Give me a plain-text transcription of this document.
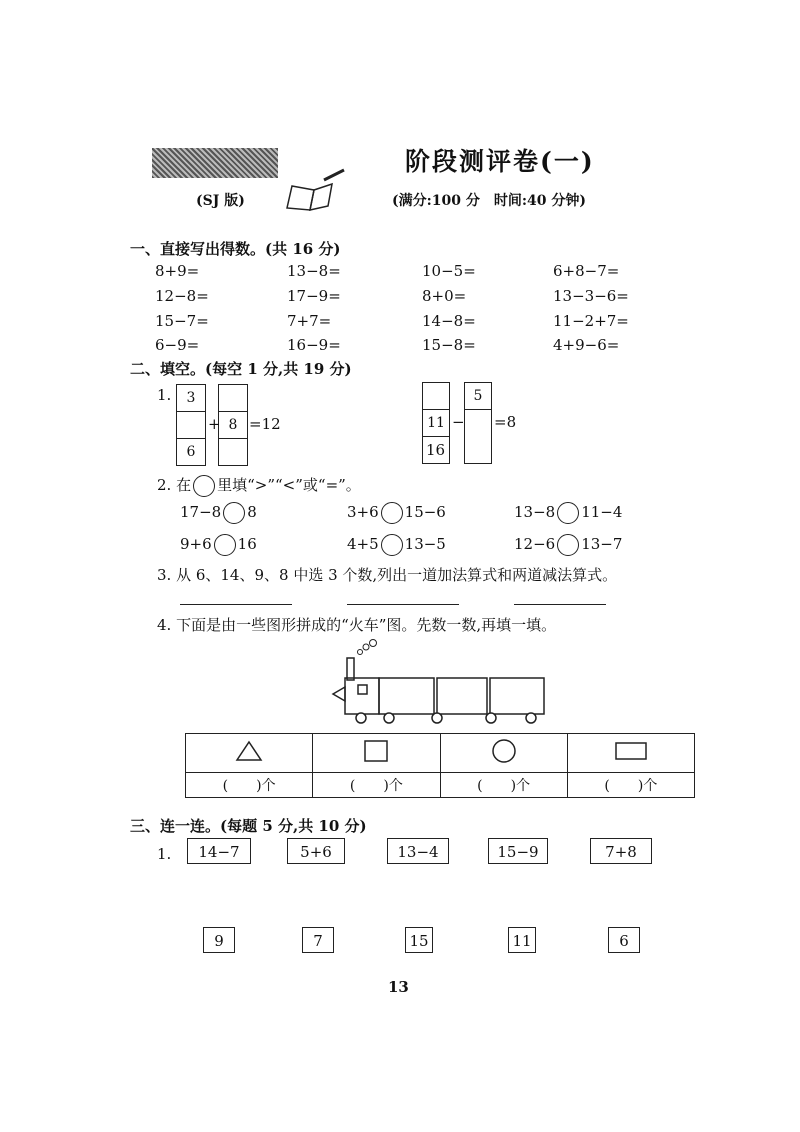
阶段测评卷(一)
(SJ 版)	(满分:100 分　时间:40 分钟)
一、直接写出得数。(共 16 分)
8+9=	13−8=	10−5=	6+8−7=
12−8=	17−9=	8+0=	13−3−6=
15−7=	7+7=	14−8=	11−2+7=
6−9=	16−9=	15−8=	4+9−6=
二、填空。(每空 1 分,共 19 分)
1.	3
6
8
+ =12	11
16
5
− =8
2. 在 里填“>”“<”或“=”。
17−8 8	3+6 15−6	13−8 11−4
9+6 16	4+5 13−5	12−6 13−7
3. 从 6、14、9、8 中选 3 个数,列出一道加法算式和两道减法算式。
4. 下面是由一些图形拼成的“火车”图。先数一数,再填一填。

(　　)个	(　　)个	(　　)个	(　　)个
三、连一连。(每题 5 分,共 10 分)
1.	14−7	5+6	13−4	15−9	7+8
9	7	15	11	6
13
